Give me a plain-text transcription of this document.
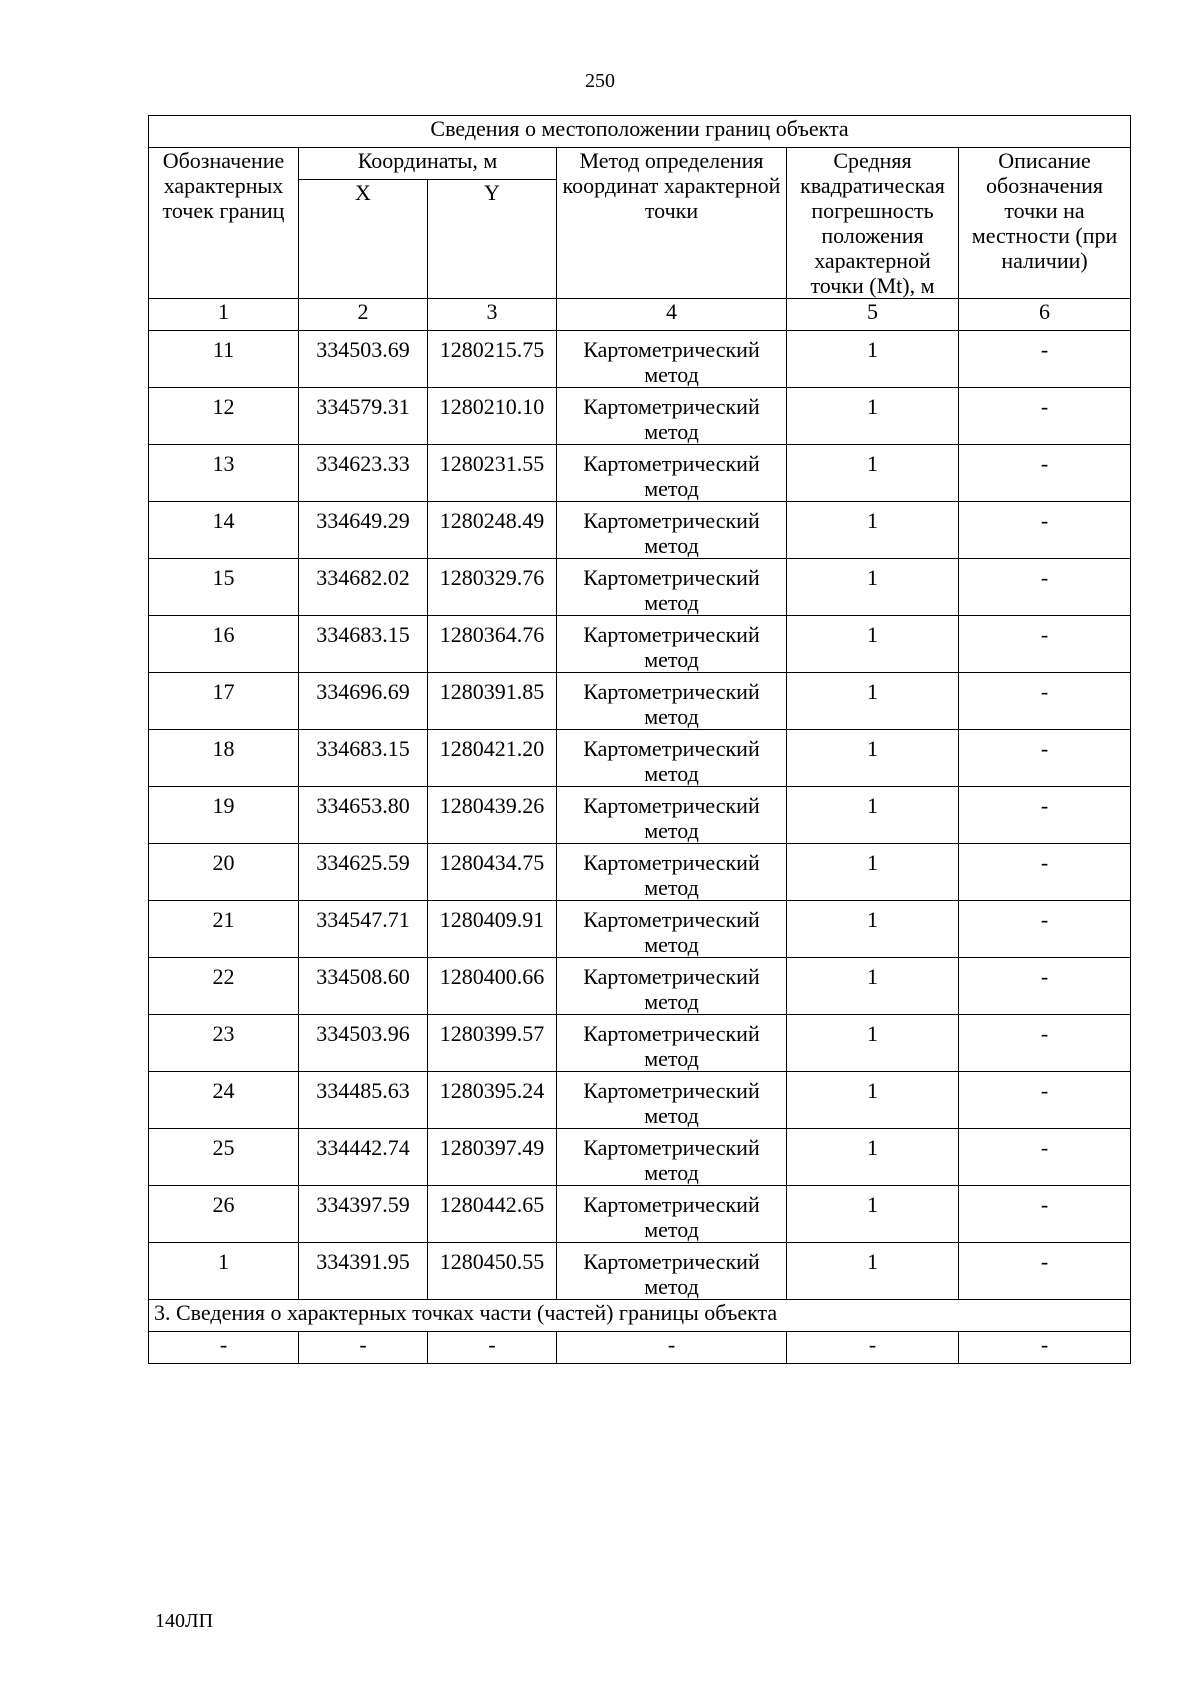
250
Сведения о местоположении границ объекта					
Обозначение характерных точек границ	Координаты, м		Метод определения координат характерной точки	Средняя квадратическая погрешность положения характерной точки (Mt), м	Описание обозначения точки на местности (при наличии)
	X	Y			
1	2	3	4	5	6
11	334503.69	1280215.75	Картометрический метод	1	-
12	334579.31	1280210.10	Картометрический метод	1	-
13	334623.33	1280231.55	Картометрический метод	1	-
14	334649.29	1280248.49	Картометрический метод	1	-
15	334682.02	1280329.76	Картометрический метод	1	-
16	334683.15	1280364.76	Картометрический метод	1	-
17	334696.69	1280391.85	Картометрический метод	1	-
18	334683.15	1280421.20	Картометрический метод	1	-
19	334653.80	1280439.26	Картометрический метод	1	-
20	334625.59	1280434.75	Картометрический метод	1	-
21	334547.71	1280409.91	Картометрический метод	1	-
22	334508.60	1280400.66	Картометрический метод	1	-
23	334503.96	1280399.57	Картометрический метод	1	-
24	334485.63	1280395.24	Картометрический метод	1	-
25	334442.74	1280397.49	Картометрический метод	1	-
26	334397.59	1280442.65	Картометрический метод	1	-
1	334391.95	1280450.55	Картометрический метод	1	-
3. Сведения о характерных точках части (частей) границы объекта					
-	-	-	-	-	-
140ЛП
